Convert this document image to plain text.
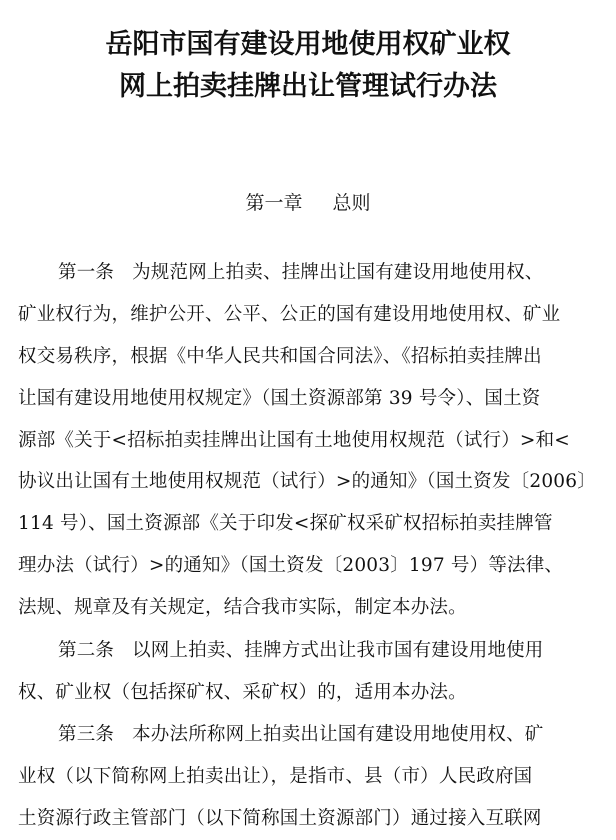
岳阳市国有建设用地使用权矿业权
网上拍卖挂牌出让管理试行办法
第一章 总则
第一条 为规范网上拍卖、挂牌出让国有建设用地使用权、
矿业权行为，维护公开、公平、公正的国有建设用地使用权、矿业
权交易秩序，根据《中华人民共和国合同法》、《招标拍卖挂牌出
让国有建设用地使用权规定》（国土资源部第 39 号令）、国土资
源部《关于<招标拍卖挂牌出让国有土地使用权规范（试行）>和<
协议出让国有土地使用权规范（试行）>的通知》（国土资发〔2006〕
114 号）、国土资源部《关于印发<探矿权采矿权招标拍卖挂牌管
理办法（试行）>的通知》（国土资发〔2003〕197 号）等法律、
法规、规章及有关规定，结合我市实际，制定本办法。
第二条 以网上拍卖、挂牌方式出让我市国有建设用地使用
权、矿业权（包括探矿权、采矿权）的，适用本办法。
第三条 本办法所称网上拍卖出让国有建设用地使用权、矿
业权（以下简称网上拍卖出让），是指市、县（市）人民政府国
土资源行政主管部门（以下简称国土资源部门）通过接入互联网
